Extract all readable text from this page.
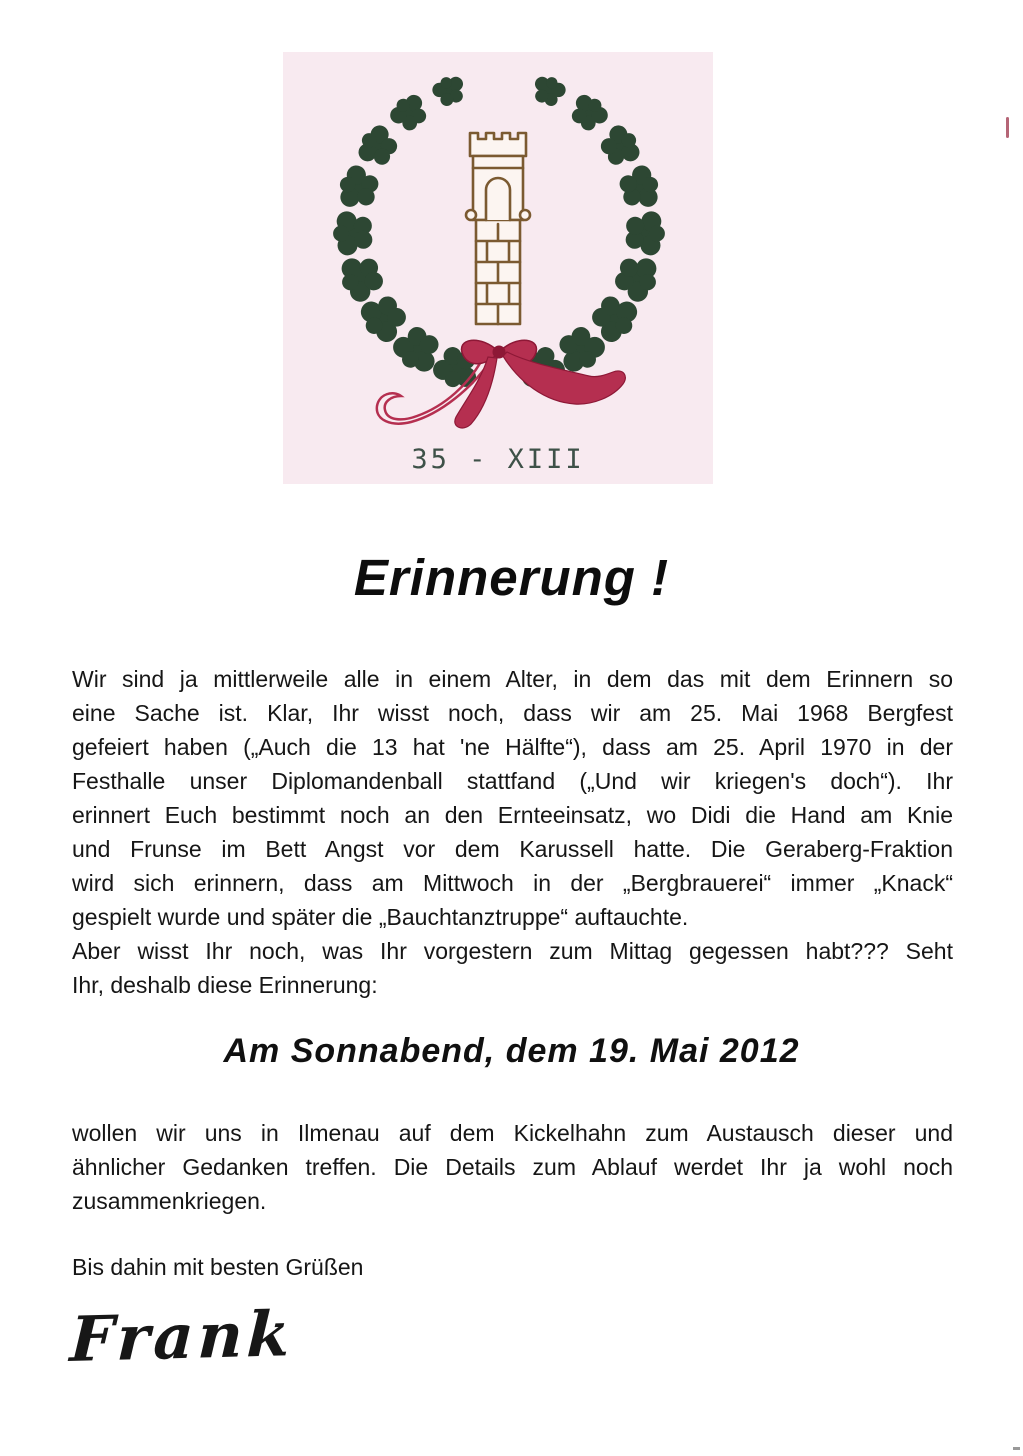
35 - XIII
Erinnerung !
Wir sind ja mittlerweile alle in einem Alter, in dem das mit dem Erinnern so
eine Sache ist. Klar, Ihr wisst noch, dass wir am 25. Mai 1968 Bergfest
gefeiert haben („Auch die 13 hat 'ne Hälfte“), dass am 25. April 1970 in der
Festhalle unser Diplomandenball stattfand („Und wir kriegen's doch“). Ihr
erinnert Euch bestimmt noch an den Ernteeinsatz, wo Didi die Hand am Knie
und Frunse im Bett Angst vor dem Karussell hatte. Die Geraberg-Fraktion
wird sich erinnern, dass am Mittwoch in der „Bergbrauerei“ immer „Knack“
gespielt wurde und später die „Bauchtanztruppe“ auftauchte.
Aber wisst Ihr noch, was Ihr vorgestern zum Mittag gegessen habt??? Seht
Ihr, deshalb diese Erinnerung:
Am Sonnabend, dem 19. Mai 2012
wollen wir uns in Ilmenau auf dem Kickelhahn zum Austausch dieser und
ähnlicher Gedanken treffen. Die Details zum Ablauf werdet Ihr ja wohl noch
zusammenkriegen.
Bis dahin mit besten Grüßen
Frank
